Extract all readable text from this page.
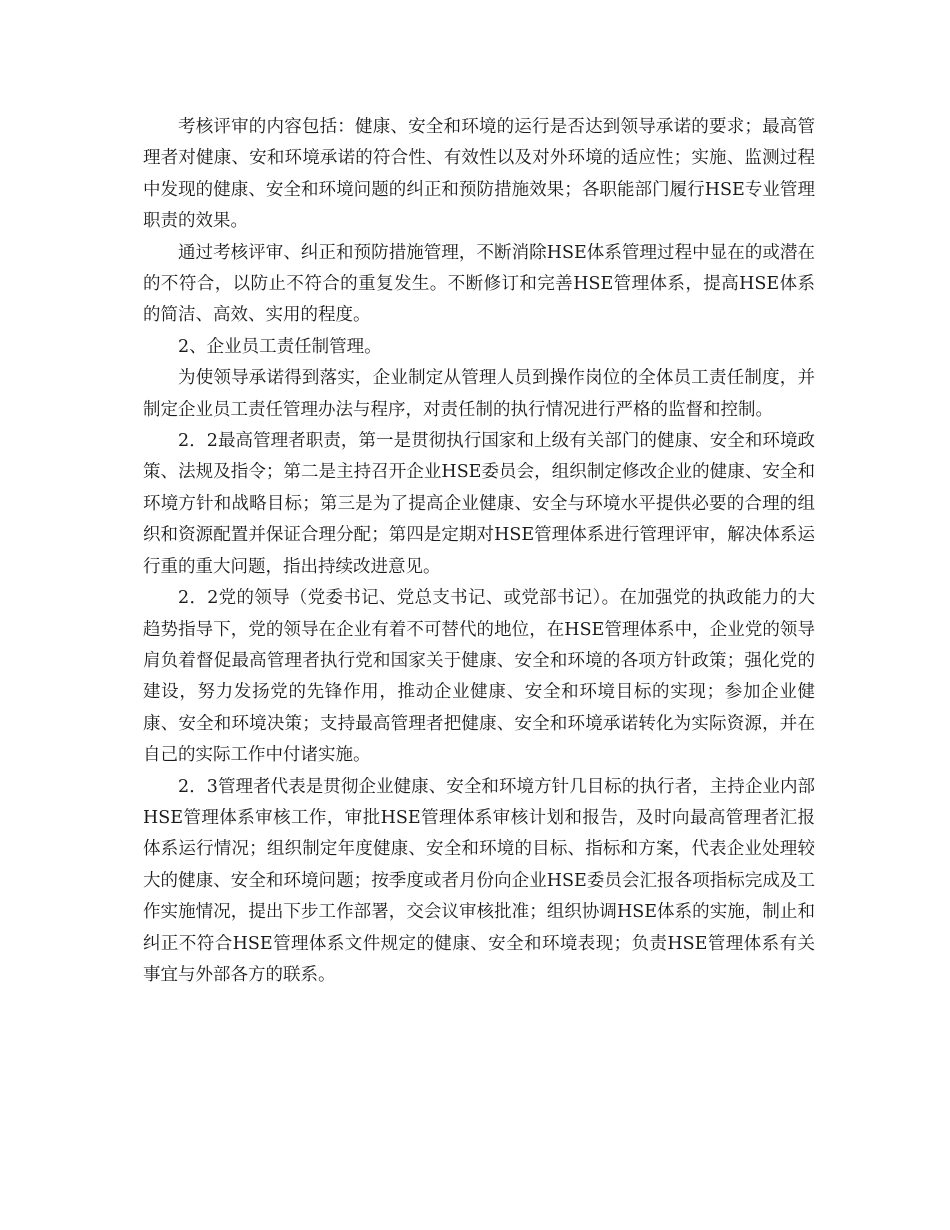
考核评审的内容包括：健康、安全和环境的运行是否达到领导承诺的要求；最高管理者对健康、安和环境承诺的符合性、有效性以及对外环境的适应性；实施、监测过程中发现的健康、安全和环境问题的纠正和预防措施效果；各职能部门履行HSE专业管理职责的效果。

通过考核评审、纠正和预防措施管理，不断消除HSE体系管理过程中显在的或潜在的不符合，以防止不符合的重复发生。不断修订和完善HSE管理体系，提高HSE体系的简洁、高效、实用的程度。

2、企业员工责任制管理。

为使领导承诺得到落实，企业制定从管理人员到操作岗位的全体员工责任制度，并制定企业员工责任管理办法与程序，对责任制的执行情况进行严格的监督和控制。

2．2最高管理者职责，第一是贯彻执行国家和上级有关部门的健康、安全和环境政策、法规及指令；第二是主持召开企业HSE委员会，组织制定修改企业的健康、安全和环境方针和战略目标；第三是为了提高企业健康、安全与环境水平提供必要的合理的组织和资源配置并保证合理分配；第四是定期对HSE管理体系进行管理评审，解决体系运行重的重大问题，指出持续改进意见。

2．2党的领导（党委书记、党总支书记、或党部书记）。在加强党的执政能力的大趋势指导下，党的领导在企业有着不可替代的地位，在HSE管理体系中，企业党的领导肩负着督促最高管理者执行党和国家关于健康、安全和环境的各项方针政策；强化党的建设，努力发扬党的先锋作用，推动企业健康、安全和环境目标的实现；参加企业健康、安全和环境决策；支持最高管理者把健康、安全和环境承诺转化为实际资源，并在自己的实际工作中付诸实施。

2．3管理者代表是贯彻企业健康、安全和环境方针几目标的执行者，主持企业内部HSE管理体系审核工作，审批HSE管理体系审核计划和报告，及时向最高管理者汇报体系运行情况；组织制定年度健康、安全和环境的目标、指标和方案，代表企业处理较大的健康、安全和环境问题；按季度或者月份向企业HSE委员会汇报各项指标完成及工作实施情况，提出下步工作部署，交会议审核批准；组织协调HSE体系的实施，制止和纠正不符合HSE管理体系文件规定的健康、安全和环境表现；负责HSE管理体系有关事宜与外部各方的联系。
